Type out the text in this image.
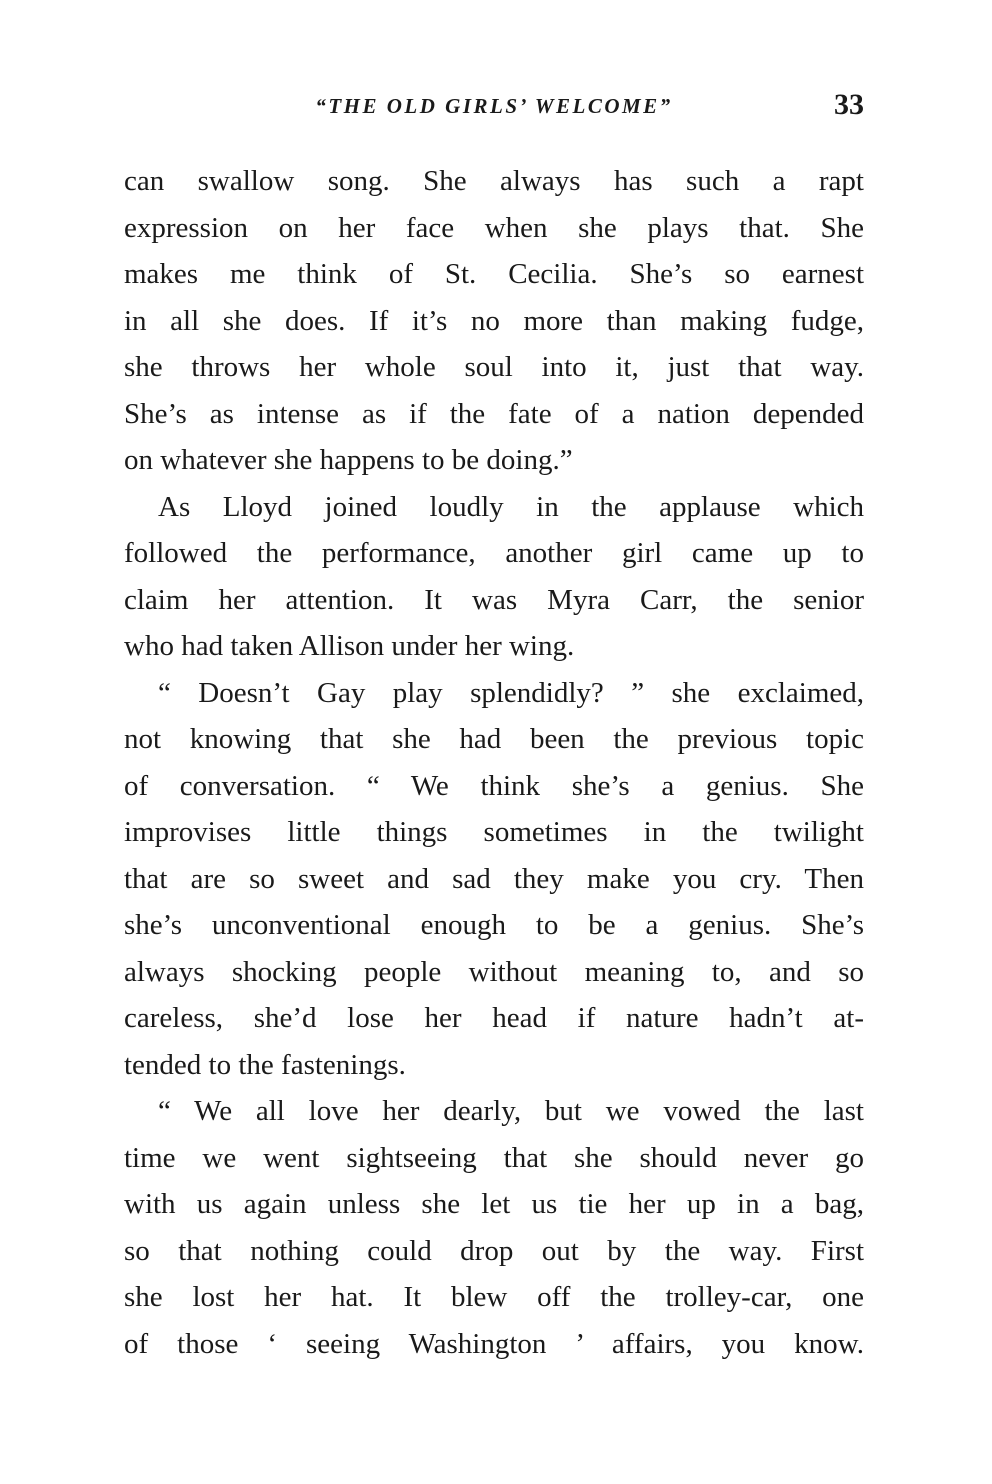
“THE OLD GIRLS’ WELCOME”	33
can swallow song. She always has such a rapt
expression on her face when she plays that. She
makes me think of St. Cecilia. She’s so earnest
in all she does. If it’s no more than making fudge,
she throws her whole soul into it, just that way.
She’s as intense as if the fate of a nation depended
on whatever she happens to be doing.”
As Lloyd joined loudly in the applause which
followed the performance, another girl came up to
claim her attention. It was Myra Carr, the senior
who had taken Allison under her wing.
“ Doesn’t Gay play splendidly? ” she exclaimed,
not knowing that she had been the previous topic
of conversation. “ We think she’s a genius. She
improvises little things sometimes in the twilight
that are so sweet and sad they make you cry. Then
she’s unconventional enough to be a genius. She’s
always shocking people without meaning to, and so
careless, she’d lose her head if nature hadn’t at-
tended to the fastenings.
“ We all love her dearly, but we vowed the last
time we went sightseeing that she should never go
with us again unless she let us tie her up in a bag,
so that nothing could drop out by the way. First
she lost her hat. It blew off the trolley-car, one
of those ‘ seeing Washington ’ affairs, you know.
